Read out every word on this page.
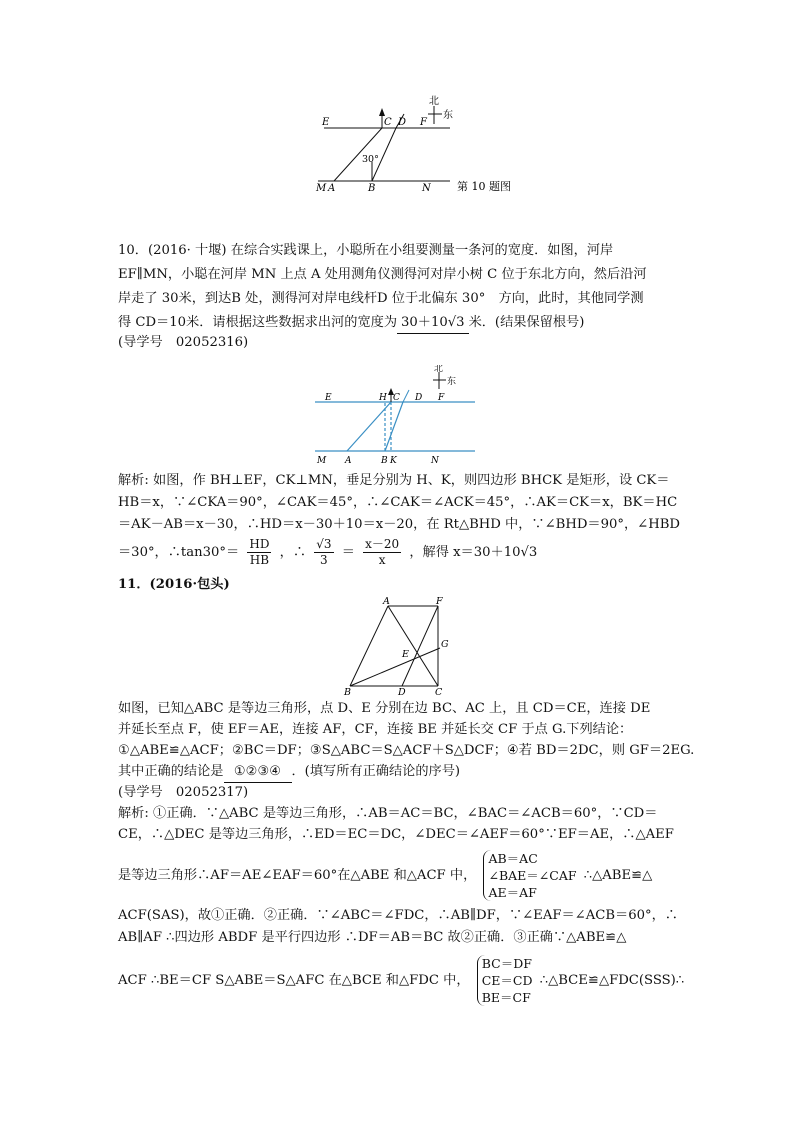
E	C D F
30°
M A	B	N
北
东
第 10 题图
10．(2016· 十堰) 在综合实践课上，小聪所在小组要测量一条河的宽度．如图，河岸
EF∥MN，小聪在河岸 MN 上点 A 处用测角仪测得河对岸小树 C 位于东北方向，然后沿河
岸走了 30米，到达B 处，测得河对岸电线杆D 位于北偏东 30°　方向，此时，其他同学测
得 CD＝10米．请根据这些数据求出河的宽度为 30＋10√3 米．(结果保留根号)
(导学号　02052316)
E	H C D F
M A	B K	N
北
东
解析: 如图，作 BH⊥EF，CK⊥MN，垂足分别为 H、K，则四边形 BHCK 是矩形，设 CK＝
HB＝x，∵∠CKA＝90°，∠CAK＝45°，∴∠CAK＝∠ACK＝45°，∴AK＝CK＝x，BK＝HC
＝AK－AB＝x－30，∴HD＝x－30＋10＝x－20，在 Rt△BHD 中，∵∠BHD＝90°，∠HBD
＝30°，∴tan30°＝ $\frac{HD}{HB}$ ，∴ $\frac{√3}{3} = \frac{x-20}{x}$ ，解得 x＝30＋10√3
11．(2016·包头)
A	F
G
E
B	D	C
如图，已知△ABC 是等边三角形，点 D、E 分别在边 BC、AC 上，且 CD＝CE，连接 DE
并延长至点 F，使 EF＝AE，连接 AF，CF，连接 BE 并延长交 CF 于点 G.下列结论：
①△ABE≌△ACF；②BC＝DF；③S△ABC＝S△ACF＋S△DCF；④若 BD＝2DC，则 GF＝2EG.
其中正确的结论是 ①②③④ ．(填写所有正确结论的序号)
(导学号　02052317)
解析: ①正确．∵△ABC 是等边三角形，∴AB＝AC＝BC，∠BAC＝∠ACB＝60°，∵CD＝
CE，∴△DEC 是等边三角形，∴ED＝EC＝DC，∠DEC＝∠AEF＝60°∵EF＝AE，∴△AEF
是等边三角形∴AF＝AE∠EAF＝60°在△ABE 和△ACF 中，
AB＝AC
∠BAE＝∠CAF
AE＝AF
∴△ABE≌△
ACF(SAS)，故①正确．②正确．∵∠ABC＝∠FDC，∴AB∥DF，∵∠EAF＝∠ACB＝60°，∴
AB∥AF ∴四边形 ABDF 是平行四边形 ∴DF＝AB＝BC 故②正确．③正确∵△ABE≌△
ACF ∴BE＝CF S△ABE＝S△AFC 在△BCE 和△FDC 中，
BC＝DF
CE＝CD
BE＝CF
∴△BCE≌△FDC(SSS)∴
